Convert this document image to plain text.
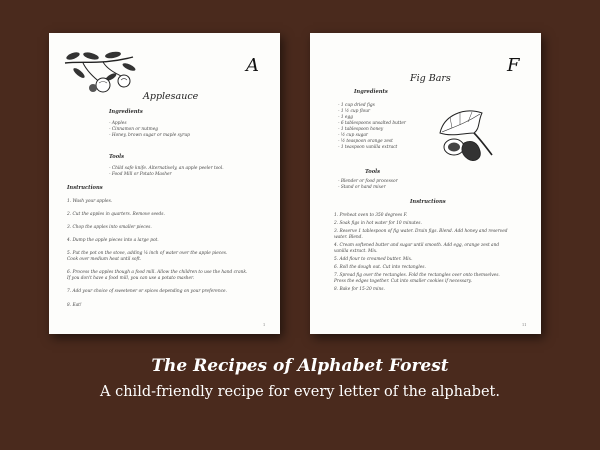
A
Applesauce
Ingredients
- Apples
- Cinnamon or nutmeg
- Honey, brown sugar or maple syrup
Tools
- Child safe knife. Alternatively, an apple peeler tool.
- Food Mill or Potato Masher
Instructions
1. Wash your apples.
2. Cut the apples in quarters. Remove seeds.
3. Chop the apples into smaller pieces.
4. Dump the apple pieces into a large pot.
5. Put the pot on the stove, adding ¼ inch of water over the apple pieces.
Cook over medium heat until soft.
6. Process the apples though a food mill. Allow the children to use the hand crank.
If you don't have a food mill, you can use a potato masher.
7. Add your choice of sweetener or spices depending on your preference.
8. Eat!
1
F
Fig Bars
Ingredients
- 1 cup dried figs
- 1 ½ cup flour
- 1 egg
- 6 tablespoons unsalted butter
- 1 tablespoon honey
- ½ cup sugar
- ½ teaspoon orange zest
- 1 teaspoon vanilla extract
Tools
- Blender or food processor
- Stand or hand mixer
Instructions
1. Preheat oven to 350 degrees F.
2. Soak figs in hot water for 10 minutes.
3. Reserve 1 tablespoon of fig water. Drain figs. Blend. Add honey and reserved
water. Blend.
4. Cream softened butter and sugar until smooth. Add egg, orange zest and
vanilla extract. Mix.
5. Add flour to creamed butter. Mix.
6. Roll the dough out. Cut into rectangles.
7. Spread fig over the rectangles. Fold the rectangles over onto themselves.
Press the edges together. Cut into smaller cookies if necessary.
8. Bake for 15-20 mins.
11
The Recipes of Alphabet Forest
A child-friendly recipe for every letter of the alphabet.
